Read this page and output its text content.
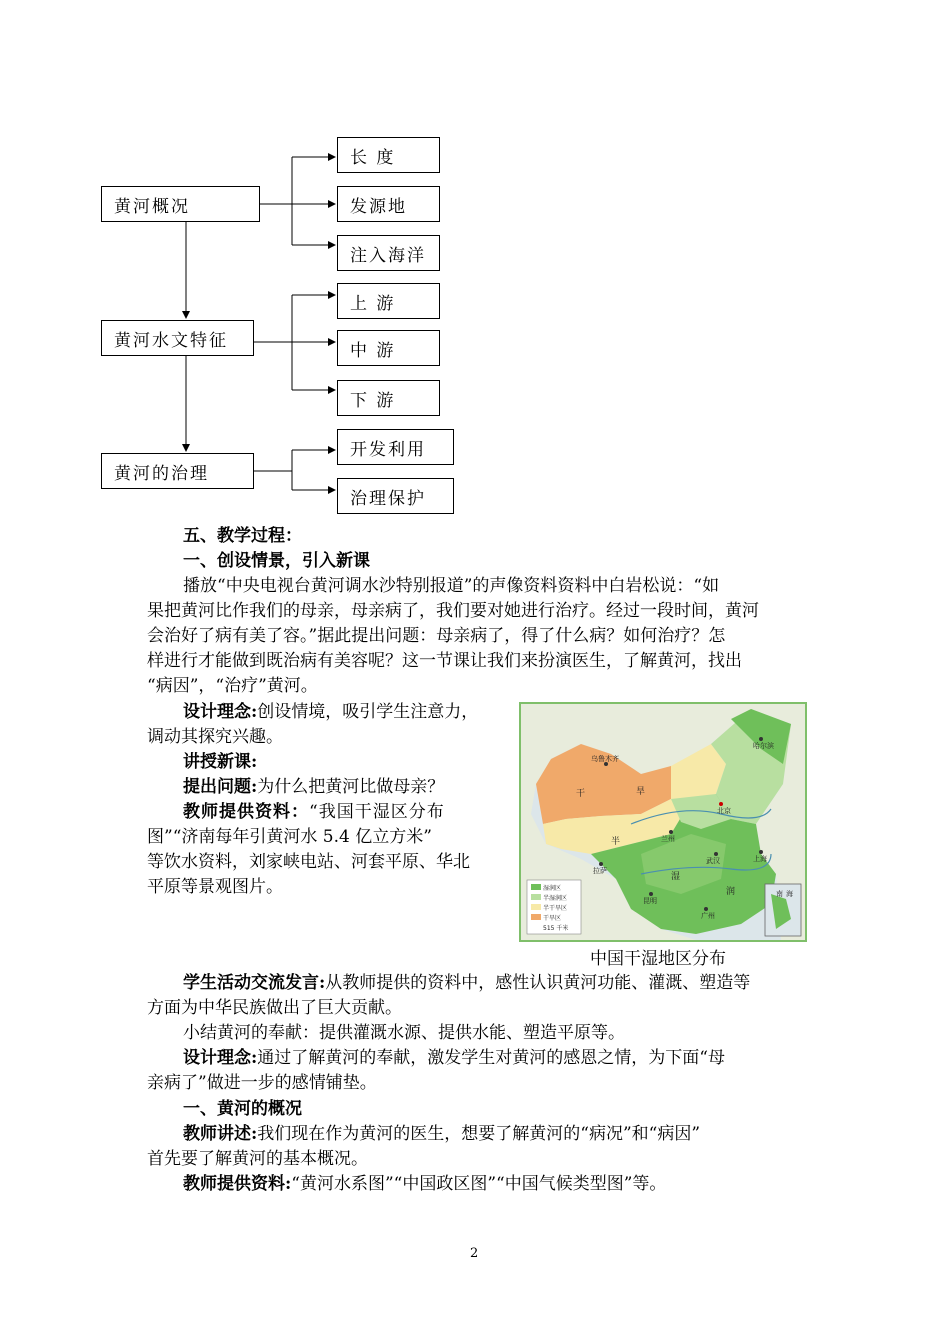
黄河概况
长 度
发源地
注入海洋
黄河水文特征
上 游
中 游
下 游
黄河的治理
开发利用
治理保护
五、教学过程：
一、创设情景，引入新课
播放“中央电视台黄河调水沙特别报道”的声像资料资料中白岩松说：“如
果把黄河比作我们的母亲，母亲病了，我们要对她进行治疗。经过一段时间，黄河
会治好了病有美了容。”据此提出问题：母亲病了，得了什么病？如何治疗？怎
样进行才能做到既治病有美容呢？这一节课让我们来扮演医生，了解黄河，找出
“病因”，“治疗”黄河。
设计理念:创设情境，吸引学生注意力，
调动其探究兴趣。
讲授新课:
提出问题:为什么把黄河比做母亲？
教师提供资料：“我国干湿区分布
图”“济南每年引黄河水 5.4 亿立方米”
等饮水资料，刘家峡电站、河套平原、华北
平原等景观图片。
乌鲁木齐
北京
兰州
拉萨
武汉	上海
昆明
广州
哈尔滨
干	旱
半
湿
润	南 海
湿润区
半湿润区
半干旱区
干旱区
515 千米
中国干湿地区分布
学生活动交流发言:从教师提供的资料中，感性认识黄河功能、灌溉、塑造等
方面为中华民族做出了巨大贡献。
小结黄河的奉献：提供灌溉水源、提供水能、塑造平原等。
设计理念:通过了解黄河的奉献，激发学生对黄河的感恩之情，为下面“母
亲病了”做进一步的感情铺垫。
一、黄河的概况
教师讲述:我们现在作为黄河的医生，想要了解黄河的“病况”和“病因”
首先要了解黄河的基本概况。
教师提供资料:“黄河水系图”“中国政区图”“中国气候类型图”等。
2
